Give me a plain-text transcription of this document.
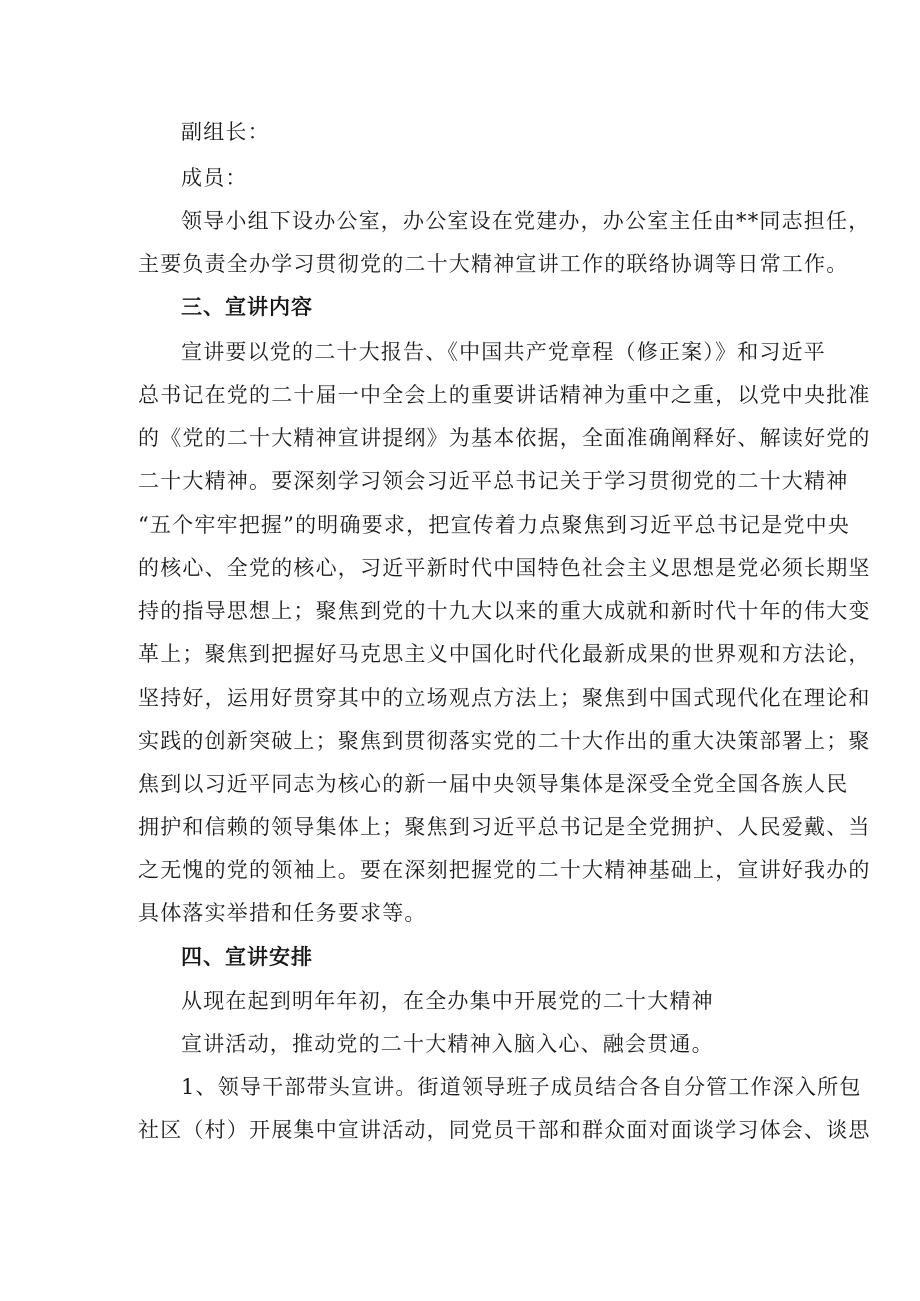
副组长：
成员：
领导小组下设办公室，办公室设在党建办，办公室主任由**同志担任，
主要负责全办学习贯彻党的二十大精神宣讲工作的联络协调等日常工作。
三、宣讲内容
宣讲要以党的二十大报告、《中国共产党章程（修正案）》和习近平
总书记在党的二十届一中全会上的重要讲话精神为重中之重，以党中央批准
的《党的二十大精神宣讲提纲》为基本依据，全面准确阐释好、解读好党的
二十大精神。要深刻学习领会习近平总书记关于学习贯彻党的二十大精神
“五个牢牢把握”的明确要求，把宣传着力点聚焦到习近平总书记是党中央
的核心、全党的核心，习近平新时代中国特色社会主义思想是党必须长期坚
持的指导思想上；聚焦到党的十九大以来的重大成就和新时代十年的伟大变
革上；聚焦到把握好马克思主义中国化时代化最新成果的世界观和方法论，
坚持好，运用好贯穿其中的立场观点方法上；聚焦到中国式现代化在理论和
实践的创新突破上；聚焦到贯彻落实党的二十大作出的重大决策部署上；聚
焦到以习近平同志为核心的新一届中央领导集体是深受全党全国各族人民
拥护和信赖的领导集体上；聚焦到习近平总书记是全党拥护、人民爱戴、当
之无愧的党的领袖上。要在深刻把握党的二十大精神基础上，宣讲好我办的
具体落实举措和任务要求等。
四、宣讲安排
从现在起到明年年初，在全办集中开展党的二十大精神
宣讲活动，推动党的二十大精神入脑入心、融会贯通。
1、领导干部带头宣讲。街道领导班子成员结合各自分管工作深入所包
社区（村）开展集中宣讲活动，同党员干部和群众面对面谈学习体会、谈思
